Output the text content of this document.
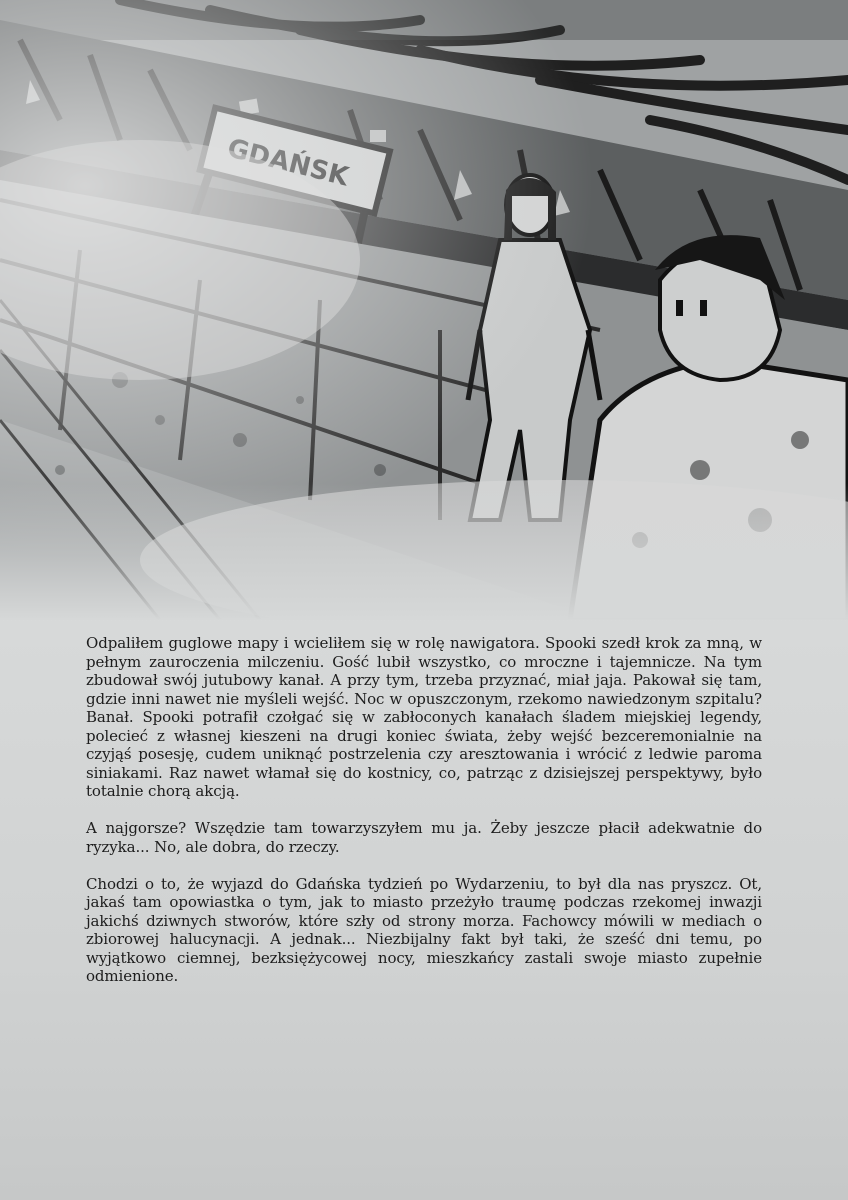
Odpaliłem guglowe mapy i wcieliłem się w rolę nawigatora. Spooki szedł krok za mną, w pełnym zauroczenia milczeniu. Gość lubił wszystko, co mroczne i tajemnicze. Na tym zbudował swój jutubowy kanał. A przy tym, trzeba przyznać, miał jaja. Pakował się tam, gdzie inni nawet nie myśleli wejść. Noc w opuszczonym, rzekomo nawiedzonym szpitalu? Banał. Spooki potrafił czołgać się w zabłoconych kanałach śladem miejskiej legendy, polecieć z własnej kieszeni na drugi koniec świata, żeby wejść bezceremonialnie na czyjąś posesję, cudem uniknąć postrzelenia czy aresztowania i wrócić z ledwie paroma siniakami. Raz nawet włamał się do kostnicy, co, patrząc z dzisiejszej perspektywy, było totalnie chorą akcją.

A najgorsze? Wszędzie tam towarzyszyłem mu ja. Żeby jeszcze płacił adekwatnie do ryzyka... No, ale dobra, do rzeczy.

Chodzi o to, że wyjazd do Gdańska tydzień po Wydarzeniu, to był dla nas pryszcz. Ot, jakaś tam opowiastka o tym, jak to miasto przeżyło traumę podczas rzekomej inwazji jakichś dziwnych stworów, które szły od strony morza. Fachowcy mówili w mediach o zbiorowej halucynacji. A jednak... Niezbijalny fakt był taki, że sześć dni temu, po wyjątkowo ciemnej, bezksiężycowej nocy, mieszkańcy zastali swoje miasto zupełnie odmienione.
